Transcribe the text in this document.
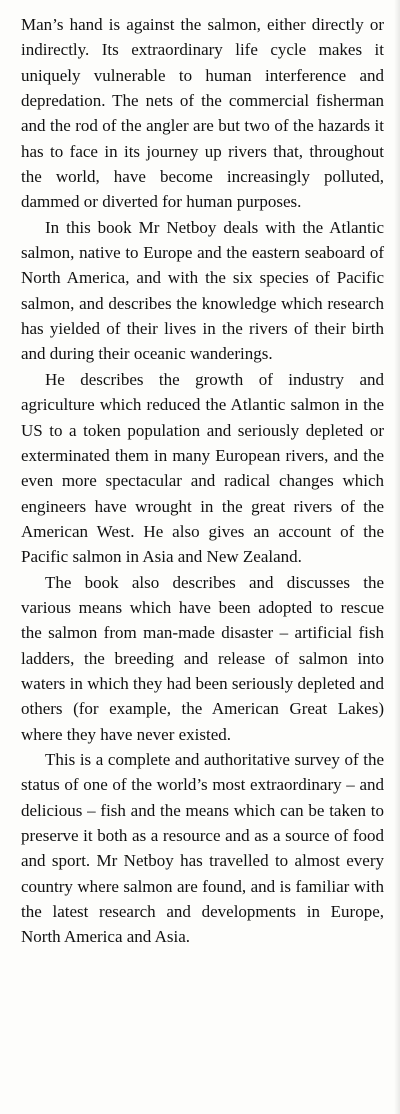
Man’s hand is against the salmon, either directly or indirectly. Its extraordinary life cycle makes it uniquely vulnerable to human interference and depredation. The nets of the commercial fisherman and the rod of the angler are but two of the hazards it has to face in its journey up rivers that, throughout the world, have become increasingly polluted, dammed or diverted for human purposes.

In this book Mr Netboy deals with the Atlantic salmon, native to Europe and the eastern seaboard of North America, and with the six species of Pacific salmon, and describes the knowledge which research has yielded of their lives in the rivers of their birth and during their oceanic wanderings.

He describes the growth of industry and agriculture which reduced the Atlantic salmon in the US to a token population and seriously depleted or exterminated them in many European rivers, and the even more spectacular and radical changes which engineers have wrought in the great rivers of the American West. He also gives an account of the Pacific salmon in Asia and New Zealand.

The book also describes and discusses the various means which have been adopted to rescue the salmon from man-made disaster – artificial fish ladders, the breeding and release of salmon into waters in which they had been seriously depleted and others (for example, the American Great Lakes) where they have never existed.

This is a complete and authoritative survey of the status of one of the world’s most extraordinary – and delicious – fish and the means which can be taken to preserve it both as a resource and as a source of food and sport. Mr Netboy has travelled to almost every country where salmon are found, and is familiar with the latest research and developments in Europe, North America and Asia.
